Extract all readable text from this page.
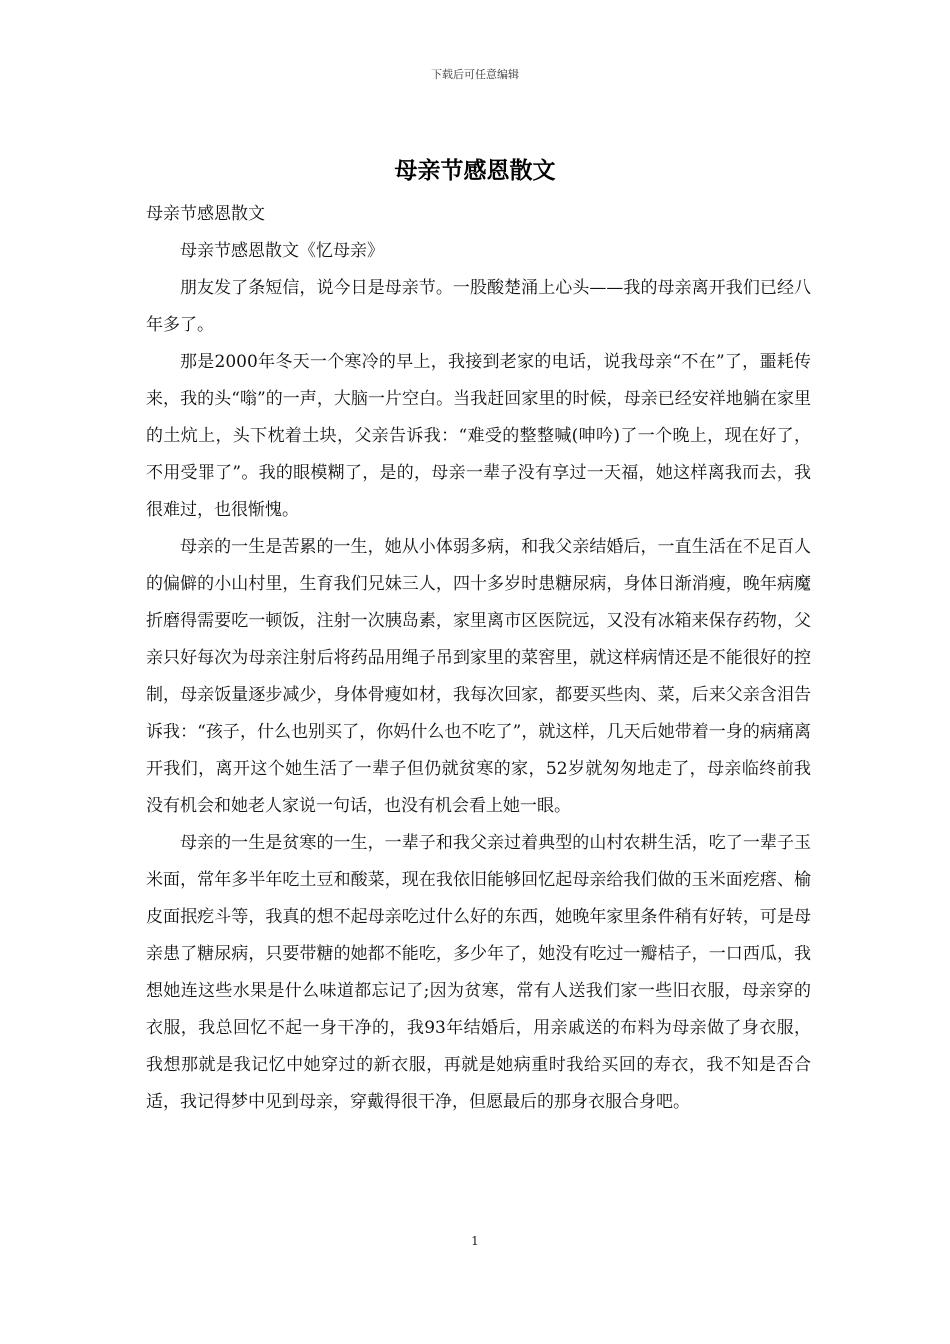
下载后可任意编辑
母亲节感恩散文

母亲节感恩散文

母亲节感恩散文《忆母亲》

朋友发了条短信，说今日是母亲节。一股酸楚涌上心头——我的母亲离开我们已经八年多了。

那是2000年冬天一个寒冷的早上，我接到老家的电话，说我母亲“不在”了，噩耗传来，我的头“嗡”的一声，大脑一片空白。当我赶回家里的时候，母亲已经安祥地躺在家里的土炕上，头下枕着土块，父亲告诉我：“难受的整整喊(呻吟)了一个晚上，现在好了，不用受罪了”。我的眼模糊了，是的，母亲一辈子没有享过一天福，她这样离我而去，我很难过，也很惭愧。

母亲的一生是苦累的一生，她从小体弱多病，和我父亲结婚后，一直生活在不足百人的偏僻的小山村里，生育我们兄妹三人，四十多岁时患糖尿病，身体日渐消瘦，晚年病魔折磨得需要吃一顿饭，注射一次胰岛素，家里离市区医院远，又没有冰箱来保存药物，父亲只好每次为母亲注射后将药品用绳子吊到家里的菜窖里，就这样病情还是不能很好的控制，母亲饭量逐步减少，身体骨瘦如材，我每次回家，都要买些肉、菜，后来父亲含泪告诉我：“孩子，什么也别买了，你妈什么也不吃了”，就这样，几天后她带着一身的病痛离开我们，离开这个她生活了一辈子但仍就贫寒的家，52岁就匆匆地走了，母亲临终前我没有机会和她老人家说一句话，也没有机会看上她一眼。

母亲的一生是贫寒的一生，一辈子和我父亲过着典型的山村农耕生活，吃了一辈子玉米面，常年多半年吃土豆和酸菜，现在我依旧能够回忆起母亲给我们做的玉米面疙瘩、榆皮面抿疙斗等，我真的想不起母亲吃过什么好的东西，她晚年家里条件稍有好转，可是母亲患了糖尿病，只要带糖的她都不能吃，多少年了，她没有吃过一瓣桔子，一口西瓜，我想她连这些水果是什么味道都忘记了;因为贫寒，常有人送我们家一些旧衣服，母亲穿的衣服，我总回忆不起一身干净的，我93年结婚后，用亲戚送的布料为母亲做了身衣服，我想那就是我记忆中她穿过的新衣服，再就是她病重时我给买回的寿衣，我不知是否合适，我记得梦中见到母亲，穿戴得很干净，但愿最后的那身衣服合身吧。

1
